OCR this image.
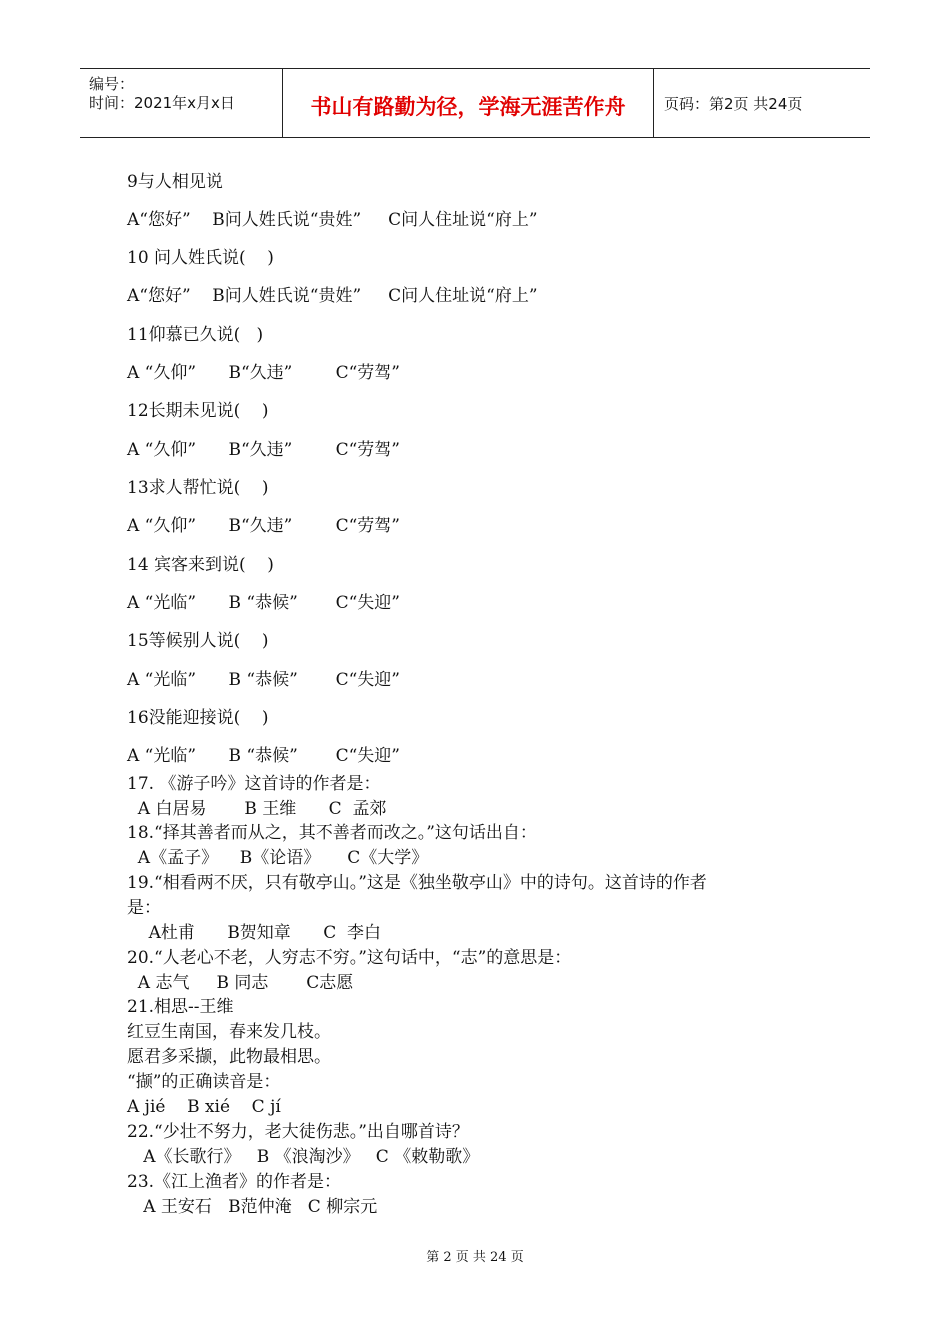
编号：
时间：2021年x月x日	书山有路勤为径，学海无涯苦作舟	页码：第2页 共24页
9与人相见说
A“您好”    B问人姓氏说“贵姓”     C问人住址说“府上”
10 问人姓氏说(    )
A“您好”    B问人姓氏说“贵姓”     C问人住址说“府上”
11仰慕已久说(   )
A “久仰”      B“久违”        C“劳驾”
12长期未见说(    )
A “久仰”      B“久违”        C“劳驾”
13求人帮忙说(    )
A “久仰”      B“久违”        C“劳驾”
14 宾客来到说(    )
A “光临”      B “恭候”       C“失迎”
15等候别人说(    )
A “光临”      B “恭候”       C“失迎”
16没能迎接说(    )
A “光临”      B “恭候”       C“失迎”
17. 《游子吟》这首诗的作者是：
A 白居易       B 王维      C  孟郊
18.“择其善者而从之，其不善者而改之。”这句话出自：
A《孟子》    B《论语》     C《大学》
19.“相看两不厌，只有敬亭山。”这是《独坐敬亭山》中的诗句。这首诗的作者
是：
A杜甫      B贺知章      C  李白
20.“人老心不老，人穷志不穷。”这句话中，“志”的意思是：
A 志气     B 同志       C志愿
21.相思--王维
红豆生南国，春来发几枝。
愿君多采撷，此物最相思。
“撷”的正确读音是：
A jié    B xié    C jí
22.“少壮不努力，老大徒伤悲。”出自哪首诗？
A《长歌行》   B 《浪淘沙》   C 《敕勒歌》
23.《江上渔者》的作者是：
A 王安石   B范仲淹   C 柳宗元
第 2 页 共 24 页
